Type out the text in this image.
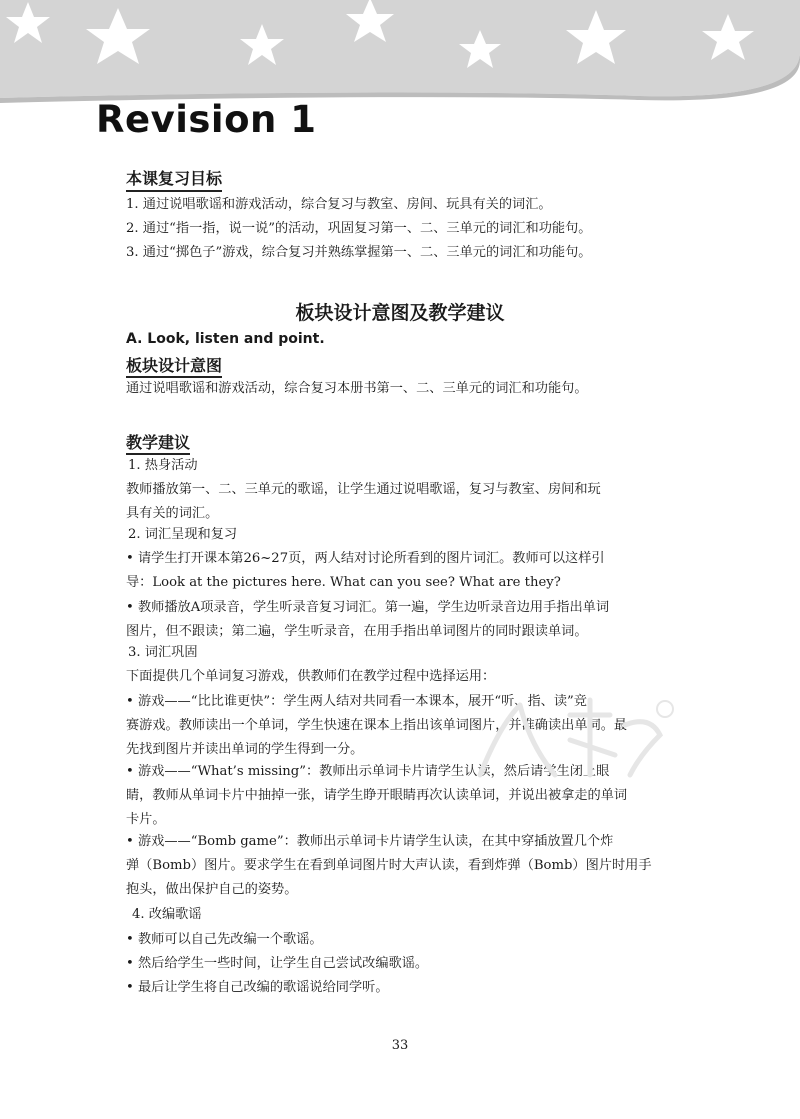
Revision 1
本课复习目标
1. 通过说唱歌谣和游戏活动，综合复习与教室、房间、玩具有关的词汇。
2. 通过“指一指，说一说”的活动，巩固复习第一、二、三单元的词汇和功能句。
3. 通过“掷色子”游戏，综合复习并熟练掌握第一、二、三单元的词汇和功能句。
板块设计意图及教学建议
A. Look, listen and point.
板块设计意图
通过说唱歌谣和游戏活动，综合复习本册书第一、二、三单元的词汇和功能句。
教学建议
1. 热身活动
教师播放第一、二、三单元的歌谣，让学生通过说唱歌谣，复习与教室、房间和玩
具有关的词汇。
2. 词汇呈现和复习
• 请学生打开课本第26~27页，两人结对讨论所看到的图片词汇。教师可以这样引
导：Look at the pictures here. What can you see? What are they?
• 教师播放A项录音，学生听录音复习词汇。第一遍，学生边听录音边用手指出单词
图片，但不跟读；第二遍，学生听录音，在用手指出单词图片的同时跟读单词。
3. 词汇巩固
下面提供几个单词复习游戏，供教师们在教学过程中选择运用：
• 游戏——“比比谁更快”：学生两人结对共同看一本课本，展开“听、指、读”竞
赛游戏。教师读出一个单词，学生快速在课本上指出该单词图片，并准确读出单词。最
先找到图片并读出单词的学生得到一分。
• 游戏——“What’s missing”：教师出示单词卡片请学生认读，然后请学生闭上眼
睛，教师从单词卡片中抽掉一张，请学生睁开眼睛再次认读单词，并说出被拿走的单词
卡片。
• 游戏——“Bomb game”：教师出示单词卡片请学生认读，在其中穿插放置几个炸
弹（Bomb）图片。要求学生在看到单词图片时大声认读，看到炸弹（Bomb）图片时用手
抱头，做出保护自己的姿势。
4. 改编歌谣
• 教师可以自己先改编一个歌谣。
• 然后给学生一些时间，让学生自己尝试改编歌谣。
• 最后让学生将自己改编的歌谣说给同学听。
33
